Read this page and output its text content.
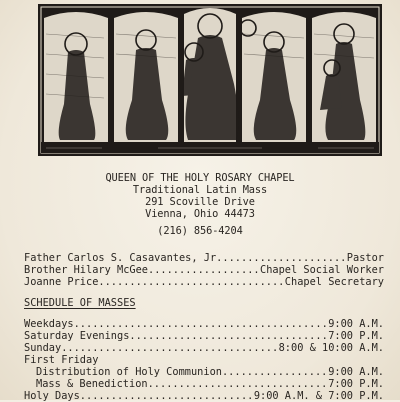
QUEEN OF THE HOLY ROSARY CHAPEL
Traditional Latin Mass
291 Scoville Drive
Vienna, Ohio 44473
(216) 856-4204
Father Carlos S. Casavantes, Jr. .....	Pastor
Brother Hilary McGee .....	Chapel Social Worker
Joanne Price .....	Chapel Secretary
SCHEDULE OF MASSES
Weekdays .....	9:00 A.M.
Saturday Evenings .....	7:00 P.M.
Sunday .....	8:00 & 10:00 A.M.
First Friday
Distribution of Holy Communion .....	9:00 A.M.
Mass & Benediction .....	7:00 P.M.
Holy Days .....	9:00 A.M. & 7:00 P.M.
